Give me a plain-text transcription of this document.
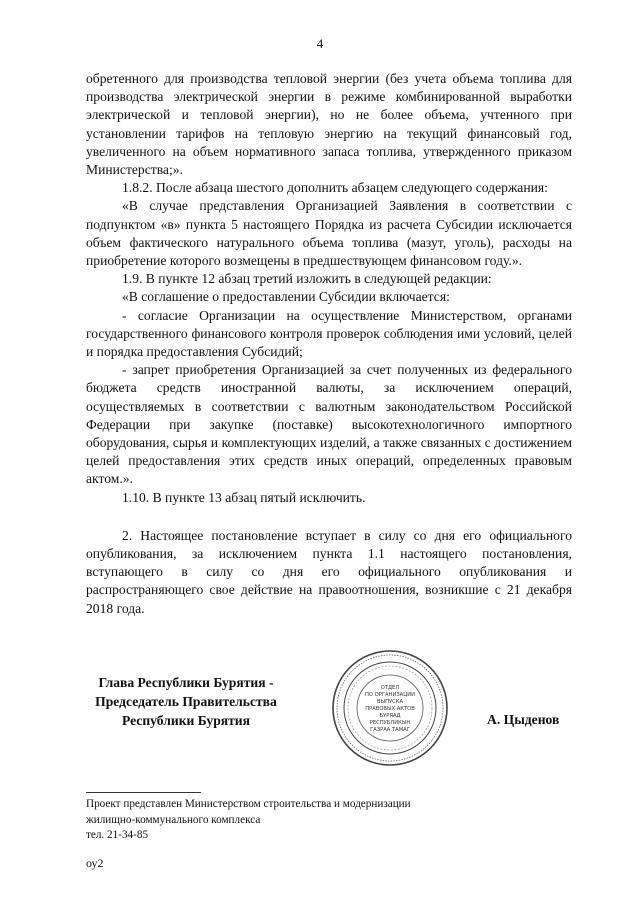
4

обретенного для производства тепловой энергии (без учета объема топлива для производства электрической энергии в режиме комбинированной выработки электрической и тепловой энергии), но не более объема, учтенного при установлении тарифов на тепловую энергию на текущий финансовый год, увеличенного на объем нормативного запаса топлива, утвержденного приказом Министерства;».

1.8.2. После абзаца шестого дополнить абзацем следующего содержания:

«В случае представления Организацией Заявления в соответствии с подпунктом «в» пункта 5 настоящего Порядка из расчета Субсидии исключается объем фактического натурального объема топлива (мазут, уголь), расходы на приобретение которого возмещены в предшествующем финансовом году.».

1.9. В пункте 12 абзац третий изложить в следующей редакции:

«В соглашение о предоставлении Субсидии включается:

- согласие Организации на осуществление Министерством, органами государственного финансового контроля проверок соблюдения ими условий, целей и порядка предоставления Субсидий;

- запрет приобретения Организацией за счет полученных из федерального бюджета средств иностранной валюты, за исключением операций, осуществляемых в соответствии с валютным законодательством Российской Федерации при закупке (поставке) высокотехнологичного импортного оборудования, сырья и комплектующих изделий, а также связанных с достижением целей предоставления этих средств иных операций, определенных правовым актом.».

1.10. В пункте 13 абзац пятый исключить.

2. Настоящее постановление вступает в силу со дня его официального опубликования, за исключением пункта 1.1 настоящего постановления, вступающего в силу со дня его официального опубликования и распространяющего свое действие на правоотношения, возникшие с 21 декабря 2018 года.

Глава Республики Бурятия -
Председатель Правительства
Республики Бурятия
ОТДЕЛ
ПО ОРГАНИЗАЦИИ
ВЫПУСКА
ПРАВОВЫХ АКТОВ
БУРЯАД
РЕСПУБЛИКЫН
ГАЗРАА ТАМАГ
А. Цыденов
Проект представлен Министерством строительства и модернизации
жилищно-коммунального комплекса
тел. 21-34-85
оу2
